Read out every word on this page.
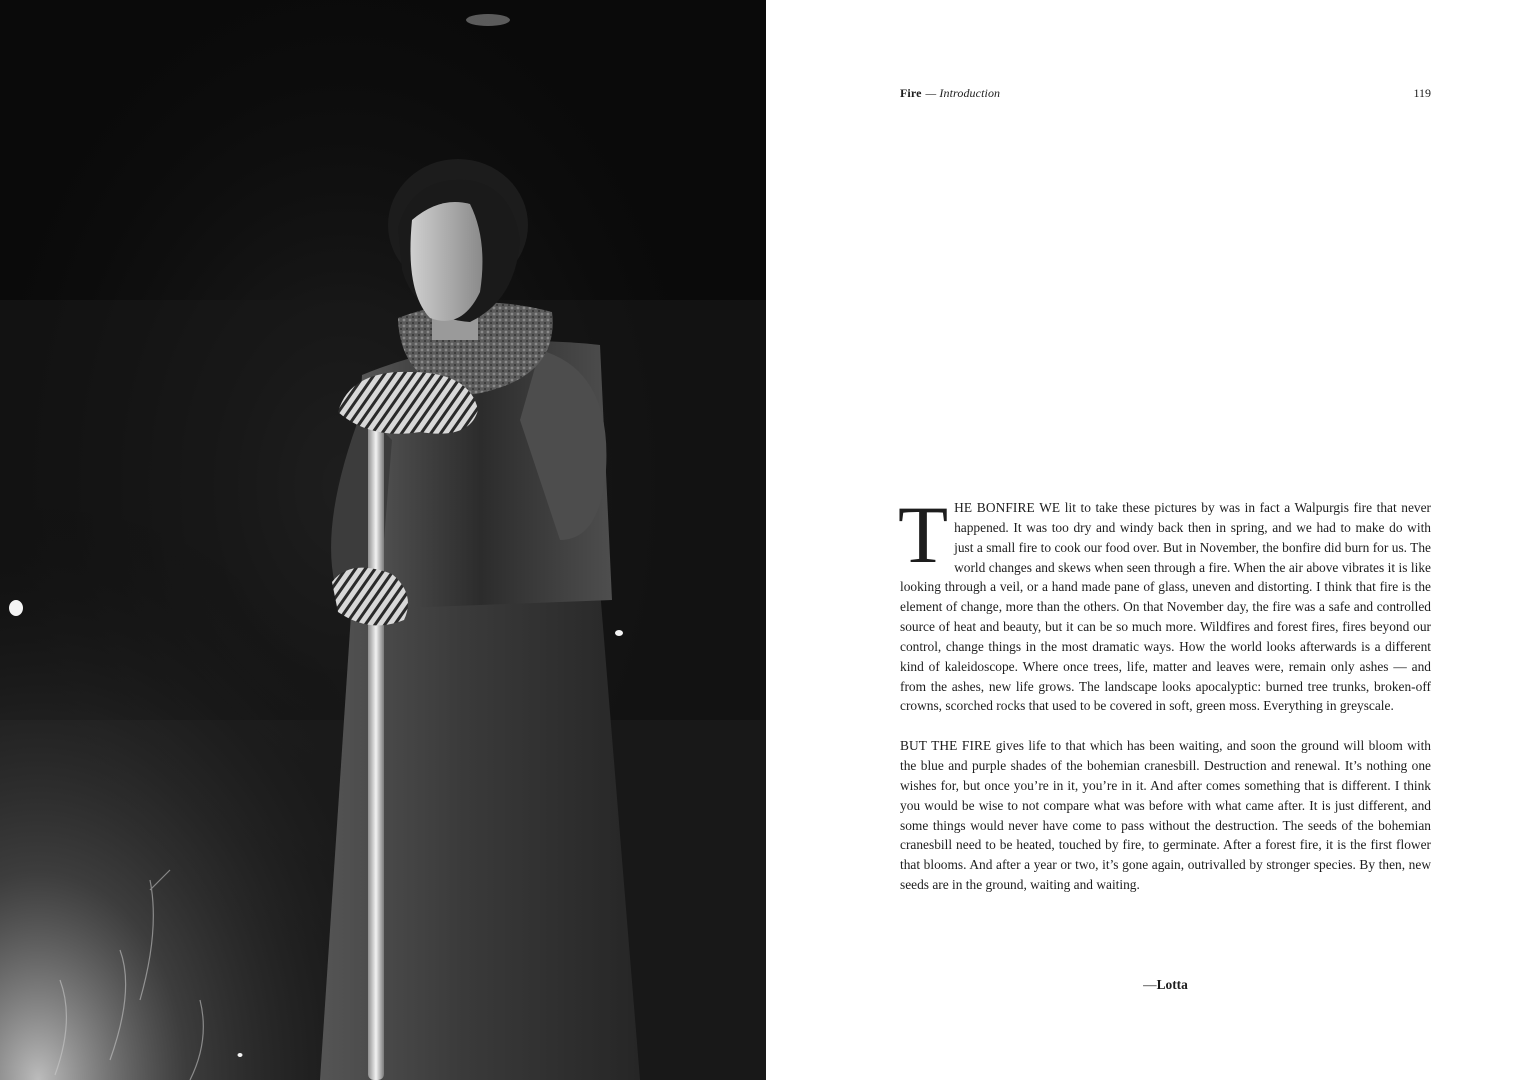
Fire — Introduction	119

THE BONFIRE WE lit to take these pictures by was in fact a Walpurgis fire that never happened. It was too dry and windy back then in spring, and we had to make do with just a small fire to cook our food over. But in November, the bonfire did burn for us. The world changes and skews when seen through a fire. When the air above vibrates it is like looking through a veil, or a hand made pane of glass, uneven and distorting. I think that fire is the element of change, more than the others. On that November day, the fire was a safe and controlled source of heat and beauty, but it can be so much more. Wildfires and forest fires, fires beyond our control, change things in the most dramatic ways. How the world looks afterwards is a different kind of kaleidoscope. Where once trees, life, matter and leaves were, remain only ashes — and from the ashes, new life grows. The landscape looks apocalyptic: burned tree trunks, broken-off crowns, scorched rocks that used to be covered in soft, green moss. Everything in greyscale.

BUT THE FIRE gives life to that which has been waiting, and soon the ground will bloom with the blue and purple shades of the bohemian cranesbill. Destruction and renewal. It’s nothing one wishes for, but once you’re in it, you’re in it. And after comes something that is different. I think you would be wise to not compare what was before with what came after. It is just different, and some things would never have come to pass without the destruction. The seeds of the bohemian cranesbill need to be heated, touched by fire, to germinate. After a forest fire, it is the first flower that blooms. And after a year or two, it’s gone again, outrivalled by stronger species. By then, new seeds are in the ground, waiting and waiting.

—Lotta
